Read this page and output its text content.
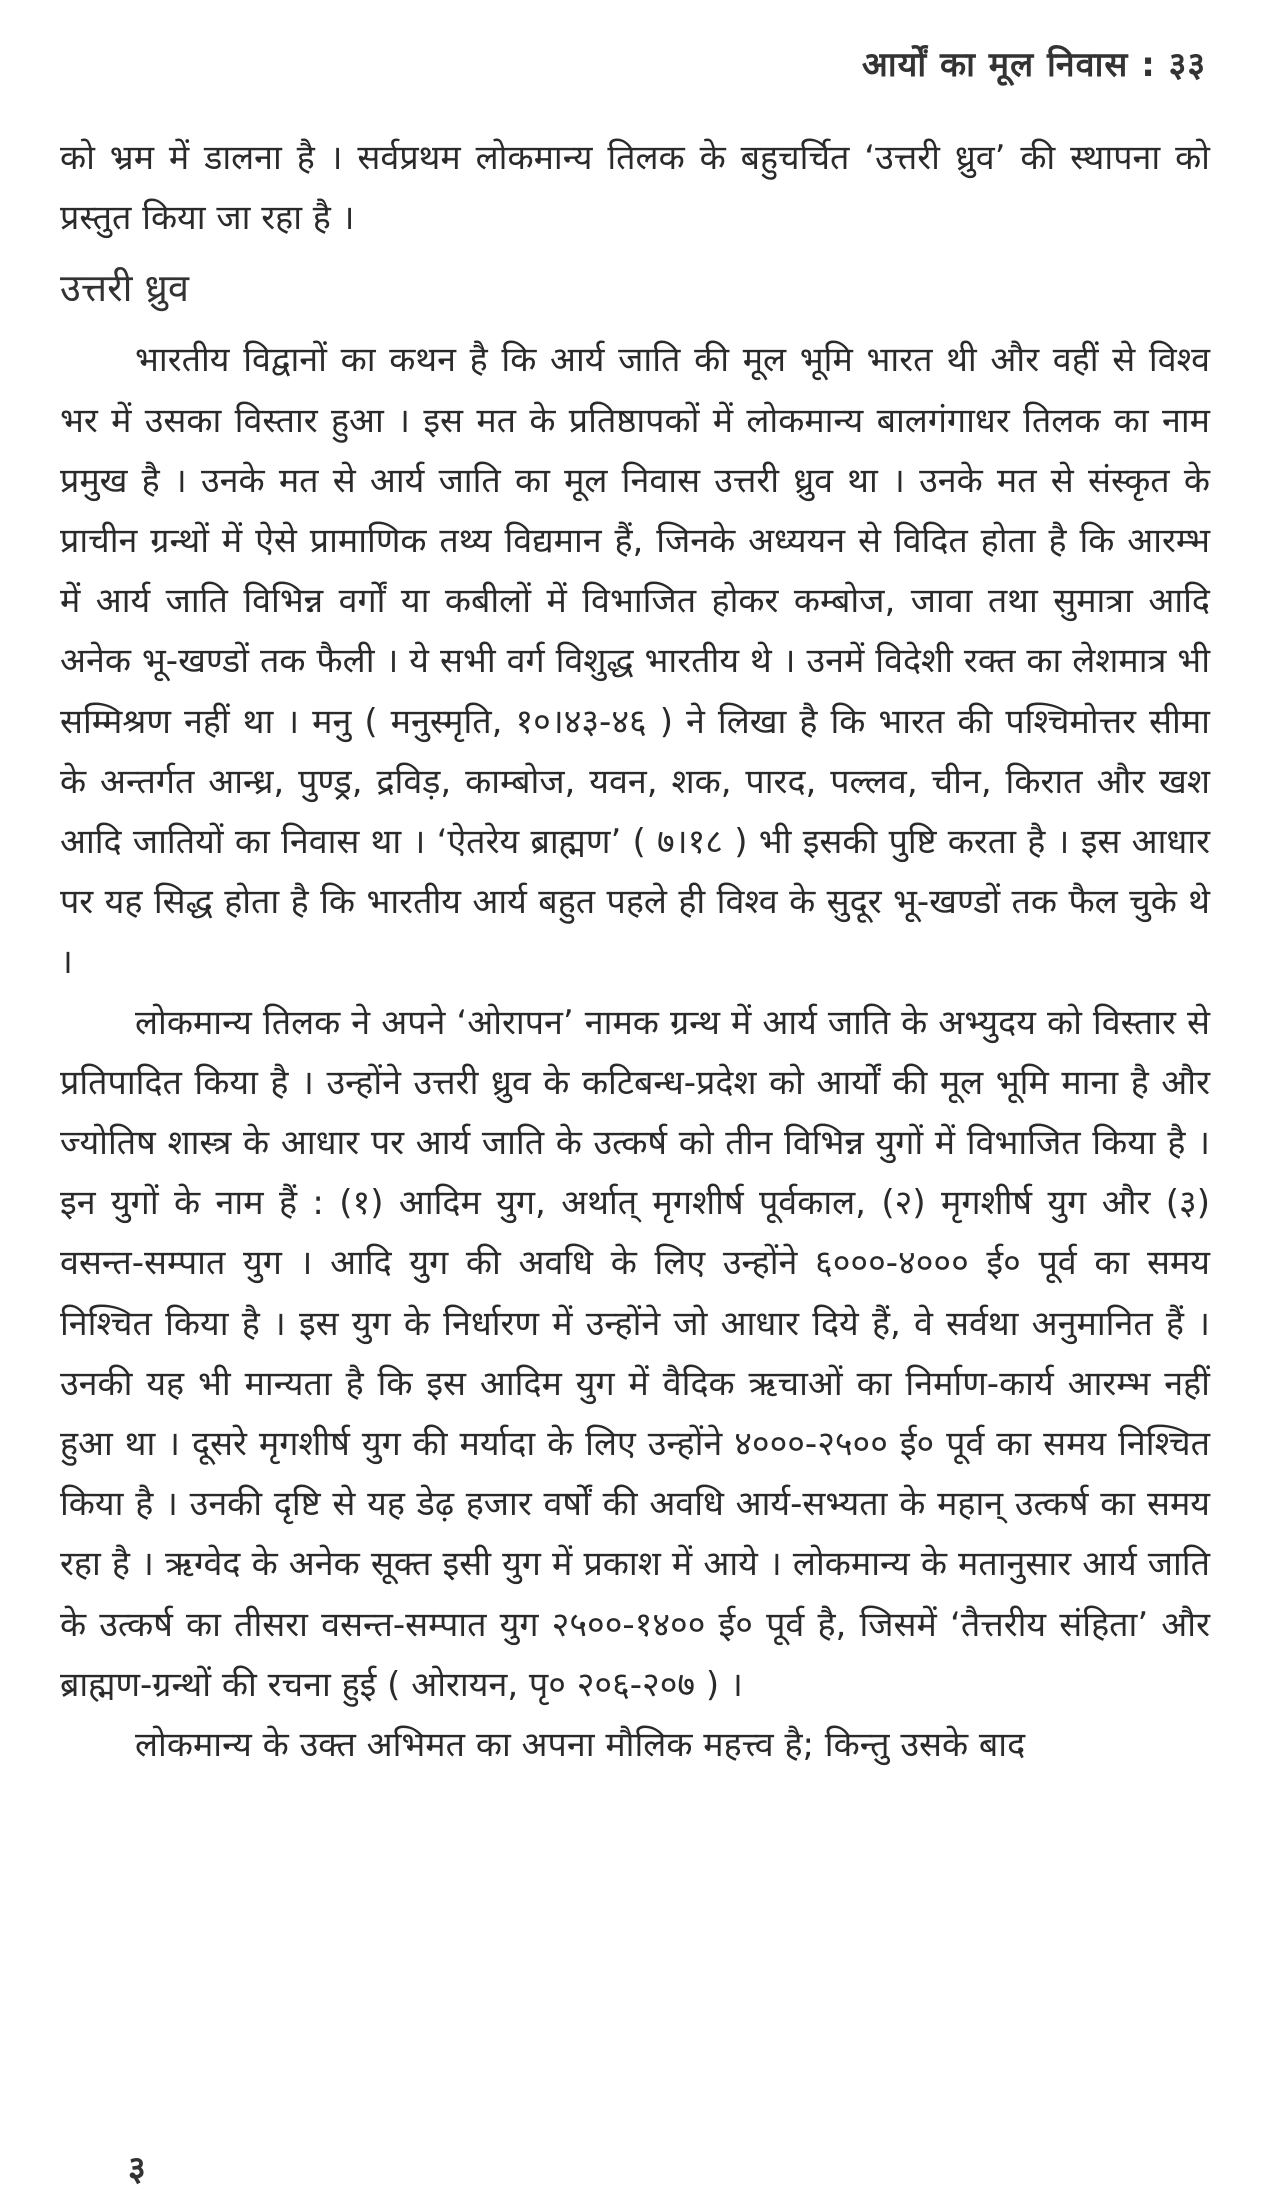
आर्यों का मूल निवास : ३३

को भ्रम में डालना है । सर्वप्रथम लोकमान्य तिलक के बहुचर्चित ‘उत्तरी ध्रुव’ की स्थापना को प्रस्तुत किया जा रहा है ।

उत्तरी ध्रुव

भारतीय विद्वानों का कथन है कि आर्य जाति की मूल भूमि भारत थी और वहीं से विश्व भर में उसका विस्तार हुआ । इस मत के प्रतिष्ठापकों में लोकमान्य बालगंगाधर तिलक का नाम प्रमुख है । उनके मत से आर्य जाति का मूल निवास उत्तरी ध्रुव था । उनके मत से संस्कृत के प्राचीन ग्रन्थों में ऐसे प्रामाणिक तथ्य विद्यमान हैं, जिनके अध्ययन से विदित होता है कि आरम्भ में आर्य जाति विभिन्न वर्गों या कबीलों में विभाजित होकर कम्बोज, जावा तथा सुमात्रा आदि अनेक भू-खण्डों तक फैली । ये सभी वर्ग विशुद्ध भारतीय थे । उनमें विदेशी रक्त का लेशमात्र भी सम्मिश्रण नहीं था । मनु ( मनुस्मृति, १०।४३-४६ ) ने लिखा है कि भारत की पश्चिमोत्तर सीमा के अन्तर्गत आन्ध्र, पुण्ड्र, द्रविड़, काम्बोज, यवन, शक, पारद, पल्लव, चीन, किरात और खश आदि जातियों का निवास था । ‘ऐतरेय ब्राह्मण’ ( ७।१८ ) भी इसकी पुष्टि करता है । इस आधार पर यह सिद्ध होता है कि भारतीय आर्य बहुत पहले ही विश्व के सुदूर भू-खण्डों तक फैल चुके थे ।

लोकमान्य तिलक ने अपने ‘ओरापन’ नामक ग्रन्थ में आर्य जाति के अभ्युदय को विस्तार से प्रतिपादित किया है । उन्होंने उत्तरी ध्रुव के कटिबन्ध-प्रदेश को आर्यों की मूल भूमि माना है और ज्योतिष शास्त्र के आधार पर आर्य जाति के उत्कर्ष को तीन विभिन्न युगों में विभाजित किया है । इन युगों के नाम हैं : (१) आदिम युग, अर्थात् मृगशीर्ष पूर्वकाल, (२) मृगशीर्ष युग और (३) वसन्त-सम्पात युग । आदि युग की अवधि के लिए उन्होंने ६०००-४००० ई० पूर्व का समय निश्चित किया है । इस युग के निर्धारण में उन्होंने जो आधार दिये हैं, वे सर्वथा अनुमानित हैं । उनकी यह भी मान्यता है कि इस आदिम युग में वैदिक ऋचाओं का निर्माण-कार्य आरम्भ नहीं हुआ था । दूसरे मृगशीर्ष युग की मर्यादा के लिए उन्होंने ४०००-२५०० ई० पूर्व का समय निश्चित किया है । उनकी दृष्टि से यह डेढ़ हजार वर्षों की अवधि आर्य-सभ्यता के महान् उत्कर्ष का समय रहा है । ऋग्वेद के अनेक सूक्त इसी युग में प्रकाश में आये । लोकमान्य के मतानुसार आर्य जाति के उत्कर्ष का तीसरा वसन्त-सम्पात युग २५००-१४०० ई० पूर्व है, जिसमें ‘तैत्तरीय संहिता’ और ब्राह्मण-ग्रन्थों की रचना हुई ( ओरायन, पृ० २०६-२०७ ) ।

लोकमान्य के उक्त अभिमत का अपना मौलिक महत्त्व है; किन्तु उसके बाद

३
